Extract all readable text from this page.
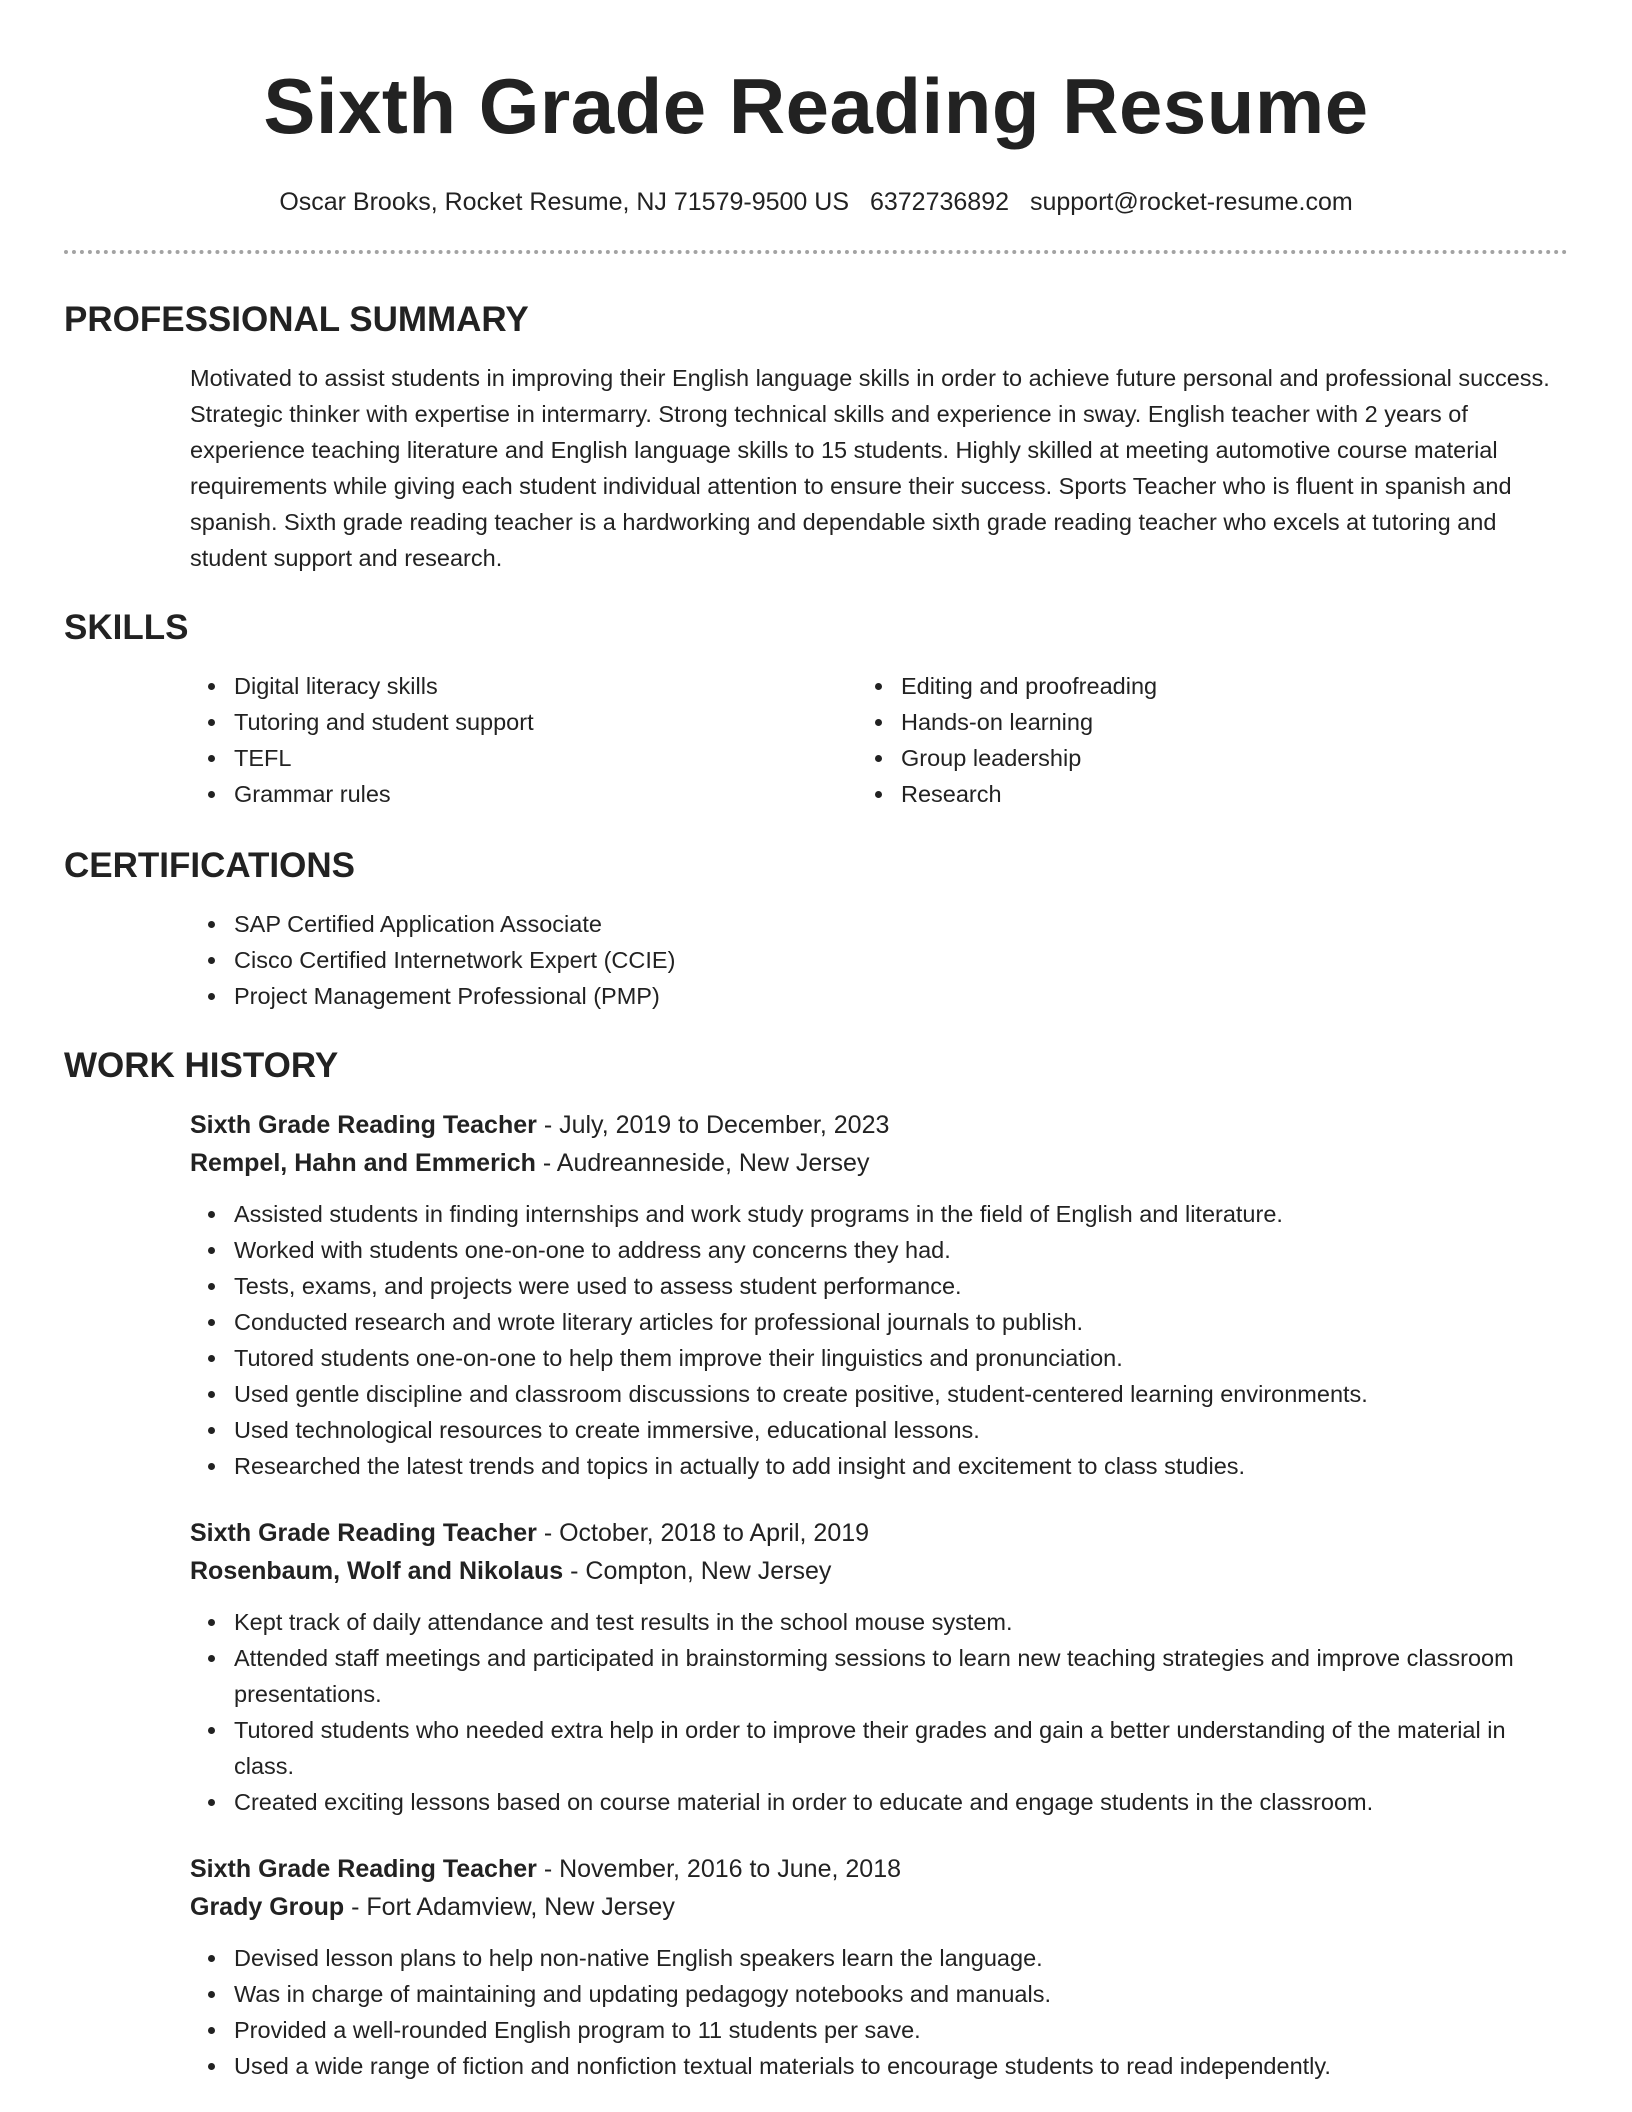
Sixth Grade Reading Resume
Oscar Brooks, Rocket Resume, NJ 71579-9500 US 6372736892 support@rocket-resume.com
PROFESSIONAL SUMMARY

Motivated to assist students in improving their English language skills in order to achieve future personal and professional success. Strategic thinker with expertise in intermarry. Strong technical skills and experience in sway. English teacher with 2 years of experience teaching literature and English language skills to 15 students. Highly skilled at meeting automotive course material requirements while giving each student individual attention to ensure their success. Sports Teacher who is fluent in spanish and spanish. Sixth grade reading teacher is a hardworking and dependable sixth grade reading teacher who excels at tutoring and student support and research.

SKILLS
Digital literacy skills
Tutoring and student support
TEFL
Grammar rules
Editing and proofreading
Hands-on learning
Group leadership
Research
CERTIFICATIONS
SAP Certified Application Associate
Cisco Certified Internetwork Expert (CCIE)
Project Management Professional (PMP)
WORK HISTORY
Sixth Grade Reading Teacher - July, 2019 to December, 2023
Rempel, Hahn and Emmerich - Audreanneside, New Jersey
Assisted students in finding internships and work study programs in the field of English and literature.
Worked with students one-on-one to address any concerns they had.
Tests, exams, and projects were used to assess student performance.
Conducted research and wrote literary articles for professional journals to publish.
Tutored students one-on-one to help them improve their linguistics and pronunciation.
Used gentle discipline and classroom discussions to create positive, student-centered learning environments.
Used technological resources to create immersive, educational lessons.
Researched the latest trends and topics in actually to add insight and excitement to class studies.
Sixth Grade Reading Teacher - October, 2018 to April, 2019
Rosenbaum, Wolf and Nikolaus - Compton, New Jersey
Kept track of daily attendance and test results in the school mouse system.
Attended staff meetings and participated in brainstorming sessions to learn new teaching strategies and improve classroom presentations.
Tutored students who needed extra help in order to improve their grades and gain a better understanding of the material in class.
Created exciting lessons based on course material in order to educate and engage students in the classroom.
Sixth Grade Reading Teacher - November, 2016 to June, 2018
Grady Group - Fort Adamview, New Jersey
Devised lesson plans to help non-native English speakers learn the language.
Was in charge of maintaining and updating pedagogy notebooks and manuals.
Provided a well-rounded English program to 11 students per save.
Used a wide range of fiction and nonfiction textual materials to encourage students to read independently.
